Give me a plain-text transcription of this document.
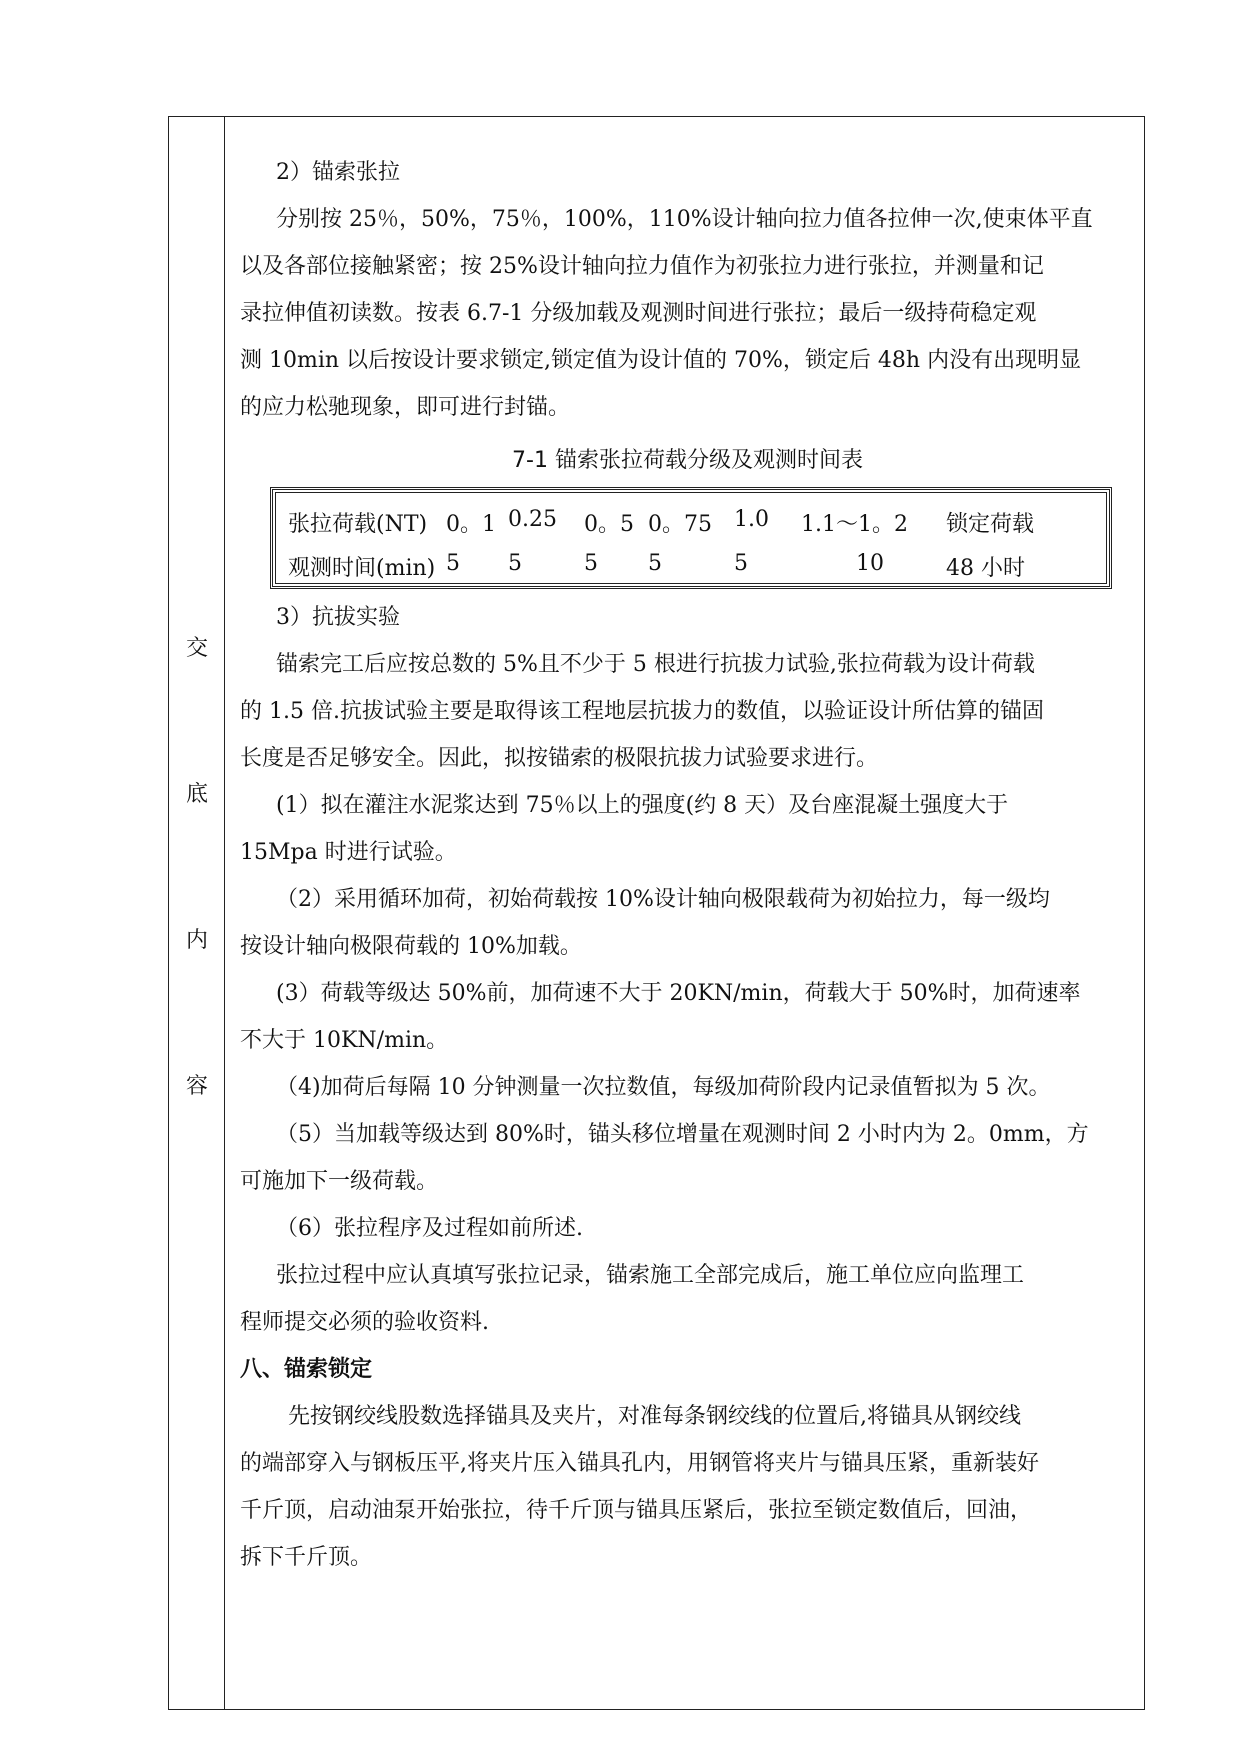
交
底
内
容
2）锚索张拉
分别按 25％，50%，75％，100%，110%设计轴向拉力值各拉伸一次,使束体平直
以及各部位接触紧密；按 25%设计轴向拉力值作为初张拉力进行张拉，并测量和记
录拉伸值初读数。按表 6.7-1 分级加载及观测时间进行张拉；最后一级持荷稳定观
测 10min 以后按设计要求锁定,锁定值为设计值的 70%，锁定后 48h 内没有出现明显
的应力松驰现象，即可进行封锚。
7-1 锚索张拉荷载分级及观测时间表
张拉荷载(NT) 0。1 0.25 0。5 0。75 1.0 1.1～1。2 锁定荷载
观测时间(min) 5 5	5 5	5	10	48 小时
3）抗拔实验
锚索完工后应按总数的 5%且不少于 5 根进行抗拔力试验,张拉荷载为设计荷载
的 1.5 倍.抗拔试验主要是取得该工程地层抗拔力的数值，以验证设计所估算的锚固
长度是否足够安全。因此，拟按锚索的极限抗拔力试验要求进行。
(1）拟在灌注水泥浆达到 75％以上的强度(约 8 天）及台座混凝土强度大于
15Mpa 时进行试验。
（2）采用循环加荷，初始荷载按 10%设计轴向极限载荷为初始拉力，每一级均
按设计轴向极限荷载的 10%加载。
(3）荷载等级达 50%前，加荷速不大于 20KN/min，荷载大于 50%时，加荷速率
不大于 10KN/min。
（4)加荷后每隔 10 分钟测量一次拉数值，每级加荷阶段内记录值暂拟为 5 次。
（5）当加载等级达到 80%时，锚头移位增量在观测时间 2 小时内为 2。0mm，方
可施加下一级荷载。
（6）张拉程序及过程如前所述.
张拉过程中应认真填写张拉记录，锚索施工全部完成后，施工单位应向监理工
程师提交必须的验收资料.
八、锚索锁定
先按钢绞线股数选择锚具及夹片，对准每条钢绞线的位置后,将锚具从钢绞线
的端部穿入与钢板压平,将夹片压入锚具孔内，用钢管将夹片与锚具压紧，重新装好
千斤顶，启动油泵开始张拉，待千斤顶与锚具压紧后，张拉至锁定数值后，回油，
拆下千斤顶。
